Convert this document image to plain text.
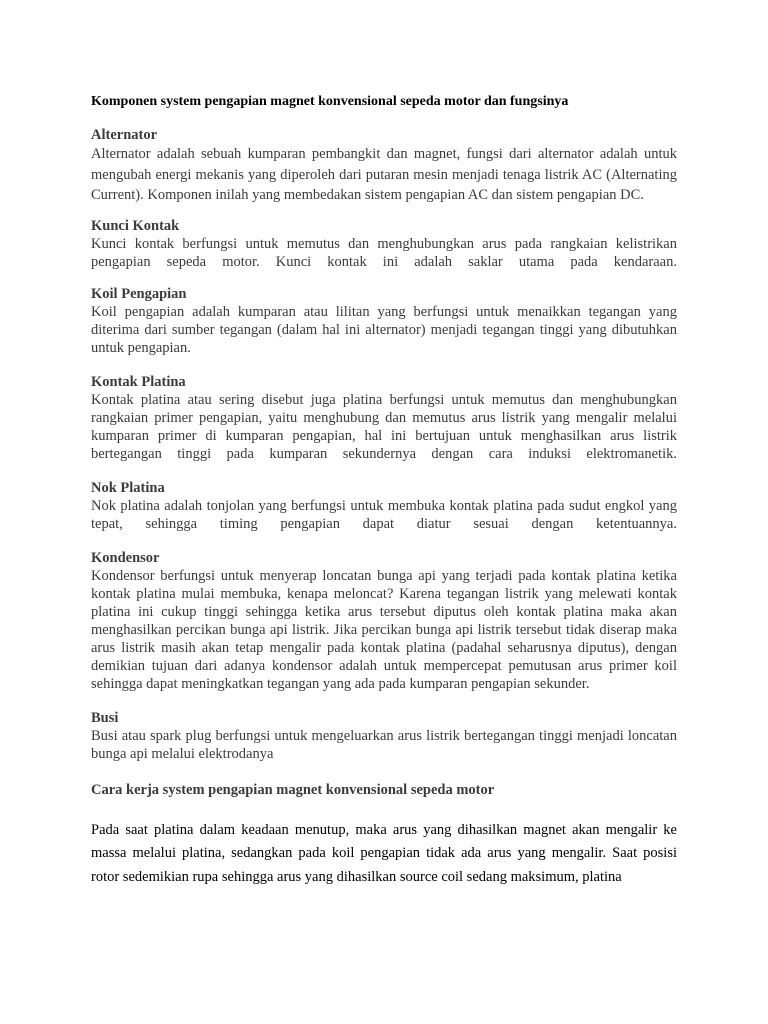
Komponen system pengapian magnet konvensional sepeda motor dan fungsinya
Alternator
Alternator adalah sebuah kumparan pembangkit dan magnet, fungsi dari alternator adalah untuk mengubah energi mekanis yang diperoleh dari putaran mesin menjadi tenaga listrik AC (Alternating Current). Komponen inilah yang membedakan sistem pengapian AC dan sistem pengapian DC.
Kunci Kontak
Kunci kontak berfungsi untuk memutus dan menghubungkan arus pada rangkaian kelistrikan pengapian sepeda motor. Kunci kontak ini adalah saklar utama pada kendaraan.
Koil Pengapian
Koil pengapian adalah kumparan atau lilitan yang berfungsi untuk menaikkan tegangan yang diterima dari sumber tegangan (dalam hal ini alternator) menjadi tegangan tinggi yang dibutuhkan untuk pengapian.
Kontak Platina
Kontak platina atau sering disebut juga platina berfungsi untuk memutus dan menghubungkan rangkaian primer pengapian, yaitu menghubung dan memutus arus listrik yang mengalir melalui kumparan primer di kumparan pengapian, hal ini bertujuan untuk menghasilkan arus listrik bertegangan tinggi pada kumparan sekundernya dengan cara induksi elektromanetik.
Nok Platina
Nok platina adalah tonjolan yang berfungsi untuk membuka kontak platina pada sudut engkol yang tepat, sehingga timing pengapian dapat diatur sesuai dengan ketentuannya.
Kondensor
Kondensor berfungsi untuk menyerap loncatan bunga api yang terjadi pada kontak platina ketika kontak platina mulai membuka, kenapa meloncat? Karena tegangan listrik yang melewati kontak platina ini cukup tinggi sehingga ketika arus tersebut diputus oleh kontak platina maka akan menghasilkan percikan bunga api listrik. Jika percikan bunga api listrik tersebut tidak diserap maka arus listrik masih akan tetap mengalir pada kontak platina (padahal seharusnya diputus), dengan demikian tujuan dari adanya kondensor adalah untuk mempercepat pemutusan arus primer koil sehingga dapat meningkatkan tegangan yang ada pada kumparan pengapian sekunder.
Busi
Busi atau spark plug berfungsi untuk mengeluarkan arus listrik bertegangan tinggi menjadi loncatan bunga api melalui elektrodanya
Cara kerja system pengapian magnet konvensional sepeda motor
Pada saat platina dalam keadaan menutup, maka arus yang dihasilkan magnet akan mengalir ke massa melalui platina, sedangkan pada koil pengapian tidak ada arus yang mengalir. Saat posisi rotor sedemikian rupa sehingga arus yang dihasilkan source coil sedang maksimum, platina
